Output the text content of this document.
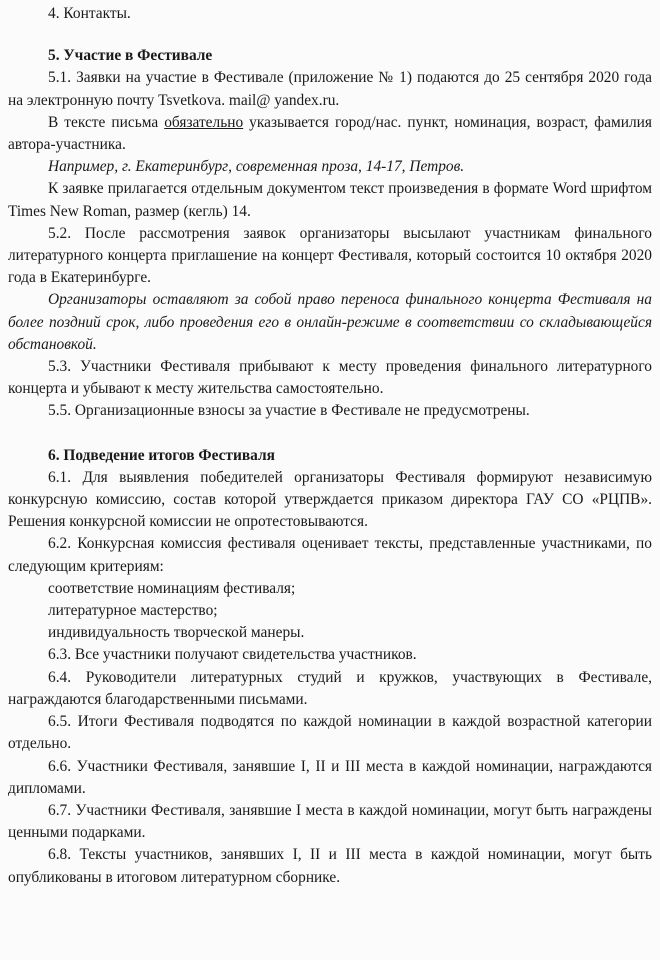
4. Контакты.

5. Участие в Фестивале

5.1. Заявки на участие в Фестивале (приложение № 1) подаются до 25 сентября 2020 года на электронную почту Tsvetkova. mail@ yandex.ru.

В тексте письма обязательно указывается город/нас. пункт, номинация, возраст, фамилия автора-участника.

Например, г. Екатеринбург, современная проза, 14-17, Петров.

К заявке прилагается отдельным документом текст произведения в формате Word шрифтом Times New Roman, размер (кегль) 14.

5.2. После рассмотрения заявок организаторы высылают участникам финального литературного концерта приглашение на концерт Фестиваля, который состоится 10 октября 2020 года в Екатеринбурге.

Организаторы оставляют за собой право переноса финального концерта Фестиваля на более поздний срок, либо проведения его в онлайн-режиме в соответствии со складывающейся обстановкой.

5.3. Участники Фестиваля прибывают к месту проведения финального литературного концерта и убывают к месту жительства самостоятельно.

5.5. Организационные взносы за участие в Фестивале не предусмотрены.

6. Подведение итогов Фестиваля

6.1. Для выявления победителей организаторы Фестиваля формируют независимую конкурсную комиссию, состав которой утверждается приказом директора ГАУ СО «РЦПВ». Решения конкурсной комиссии не опротестовываются.

6.2. Конкурсная комиссия фестиваля оценивает тексты, представленные участниками, по следующим критериям:

соответствие номинациям фестиваля;

литературное мастерство;

индивидуальность творческой манеры.

6.3. Все участники получают свидетельства участников.

6.4. Руководители литературных студий и кружков, участвующих в Фестивале, награждаются благодарственными письмами.

6.5. Итоги Фестиваля подводятся по каждой номинации в каждой возрастной категории отдельно.

6.6. Участники Фестиваля, занявшие I, II и III места в каждой номинации, награждаются дипломами.

6.7. Участники Фестиваля, занявшие I места в каждой номинации, могут быть награждены ценными подарками.

6.8. Тексты участников, занявших I, II и III места в каждой номинации, могут быть опубликованы в итоговом литературном сборнике.
